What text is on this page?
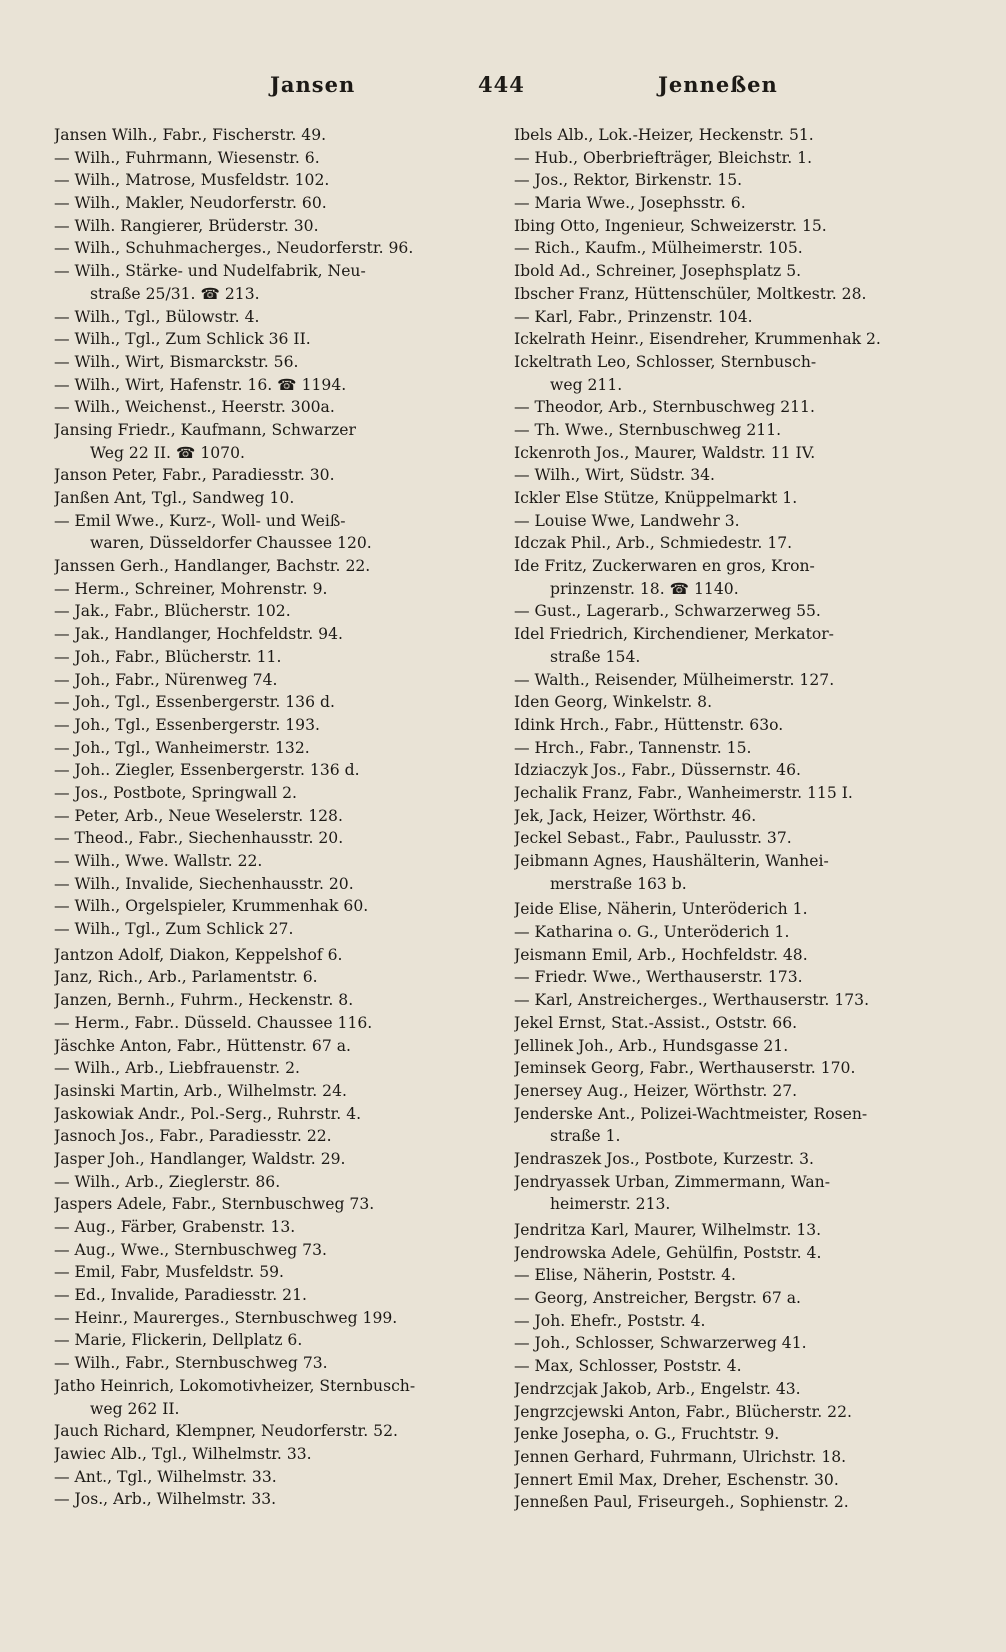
Jansen	444	Jenneßen
Jansen Wilh., Fabr., Fischerstr. 49.
— Wilh., Fuhrmann, Wiesenstr. 6.
— Wilh., Matrose, Musfeldstr. 102.
— Wilh., Makler, Neudorferstr. 60.
— Wilh. Rangierer, Brüderstr. 30.
— Wilh., Schuhmacherges., Neudorferstr. 96.
— Wilh., Stärke- und Nudelfabrik, Neu-
straße 25/31. ☎ 213.
— Wilh., Tgl., Bülowstr. 4.
— Wilh., Tgl., Zum Schlick 36 II.
— Wilh., Wirt, Bismarckstr. 56.
— Wilh., Wirt, Hafenstr. 16. ☎ 1194.
— Wilh., Weichenst., Heerstr. 300a.
Jansing Friedr., Kaufmann, Schwarzer
Weg 22 II. ☎ 1070.
Janson Peter, Fabr., Paradiesstr. 30.
Janßen Ant, Tgl., Sandweg 10.
— Emil Wwe., Kurz-, Woll- und Weiß-
waren, Düsseldorfer Chaussee 120.
Janssen Gerh., Handlanger, Bachstr. 22.
— Herm., Schreiner, Mohrenstr. 9.
— Jak., Fabr., Blücherstr. 102.
— Jak., Handlanger, Hochfeldstr. 94.
— Joh., Fabr., Blücherstr. 11.
— Joh., Fabr., Nürenweg 74.
— Joh., Tgl., Essenbergerstr. 136 d.
— Joh., Tgl., Essenbergerstr. 193.
— Joh., Tgl., Wanheimerstr. 132.
— Joh.. Ziegler, Essenbergerstr. 136 d.
— Jos., Postbote, Springwall 2.
— Peter, Arb., Neue Weselerstr. 128.
— Theod., Fabr., Siechenhausstr. 20.
— Wilh., Wwe. Wallstr. 22.
— Wilh., Invalide, Siechenhausstr. 20.
— Wilh., Orgelspieler, Krummenhak 60.
— Wilh., Tgl., Zum Schlick 27.
Jantzon Adolf, Diakon, Keppelshof 6.
Janz, Rich., Arb., Parlamentstr. 6.
Janzen, Bernh., Fuhrm., Heckenstr. 8.
— Herm., Fabr.. Düsseld. Chaussee 116.
Jäschke Anton, Fabr., Hüttenstr. 67 a.
— Wilh., Arb., Liebfrauenstr. 2.
Jasinski Martin, Arb., Wilhelmstr. 24.
Jaskowiak Andr., Pol.-Serg., Ruhrstr. 4.
Jasnoch Jos., Fabr., Paradiesstr. 22.
Jasper Joh., Handlanger, Waldstr. 29.
— Wilh., Arb., Zieglerstr. 86.
Jaspers Adele, Fabr., Sternbuschweg 73.
— Aug., Färber, Grabenstr. 13.
— Aug., Wwe., Sternbuschweg 73.
— Emil, Fabr, Musfeldstr. 59.
— Ed., Invalide, Paradiesstr. 21.
— Heinr., Maurerges., Sternbuschweg 199.
— Marie, Flickerin, Dellplatz 6.
— Wilh., Fabr., Sternbuschweg 73.
Jatho Heinrich, Lokomotivheizer, Sternbusch-
weg 262 II.
Jauch Richard, Klempner, Neudorferstr. 52.
Jawiec Alb., Tgl., Wilhelmstr. 33.
— Ant., Tgl., Wilhelmstr. 33.
— Jos., Arb., Wilhelmstr. 33.
Ibels Alb., Lok.-Heizer, Heckenstr. 51.
— Hub., Oberbriefträger, Bleichstr. 1.
— Jos., Rektor, Birkenstr. 15.
— Maria Wwe., Josephsstr. 6.
Ibing Otto, Ingenieur, Schweizerstr. 15.
— Rich., Kaufm., Mülheimerstr. 105.
Ibold Ad., Schreiner, Josephsplatz 5.
Ibscher Franz, Hüttenschüler, Moltkestr. 28.
— Karl, Fabr., Prinzenstr. 104.
Ickelrath Heinr., Eisendreher, Krummenhak 2.
Ickeltrath Leo, Schlosser, Sternbusch-
weg 211.
— Theodor, Arb., Sternbuschweg 211.
— Th. Wwe., Sternbuschweg 211.
Ickenroth Jos., Maurer, Waldstr. 11 IV.
— Wilh., Wirt, Südstr. 34.
Ickler Else Stütze, Knüppelmarkt 1.
— Louise Wwe, Landwehr 3.
Idczak Phil., Arb., Schmiedestr. 17.
Ide Fritz, Zuckerwaren en gros, Kron-
prinzenstr. 18. ☎ 1140.
— Gust., Lagerarb., Schwarzerweg 55.
Idel Friedrich, Kirchendiener, Merkator-
straße 154.
— Walth., Reisender, Mülheimerstr. 127.
Iden Georg, Winkelstr. 8.
Idink Hrch., Fabr., Hüttenstr. 63o.
— Hrch., Fabr., Tannenstr. 15.
Idziaczyk Jos., Fabr., Düssernstr. 46.
Jechalik Franz, Fabr., Wanheimerstr. 115 I.
Jek, Jack, Heizer, Wörthstr. 46.
Jeckel Sebast., Fabr., Paulusstr. 37.
Jeibmann Agnes, Haushälterin, Wanhei-
merstraße 163 b.
Jeide Elise, Näherin, Unteröderich 1.
— Katharina o. G., Unteröderich 1.
Jeismann Emil, Arb., Hochfeldstr. 48.
— Friedr. Wwe., Werthauserstr. 173.
— Karl, Anstreicherges., Werthauserstr. 173.
Jekel Ernst, Stat.-Assist., Oststr. 66.
Jellinek Joh., Arb., Hundsgasse 21.
Jeminsek Georg, Fabr., Werthauserstr. 170.
Jenersey Aug., Heizer, Wörthstr. 27.
Jenderske Ant., Polizei-Wachtmeister, Rosen-
straße 1.
Jendraszek Jos., Postbote, Kurzestr. 3.
Jendryassek Urban, Zimmermann, Wan-
heimerstr. 213.
Jendritza Karl, Maurer, Wilhelmstr. 13.
Jendrowska Adele, Gehülfin, Poststr. 4.
— Elise, Näherin, Poststr. 4.
— Georg, Anstreicher, Bergstr. 67 a.
— Joh. Ehefr., Poststr. 4.
— Joh., Schlosser, Schwarzerweg 41.
— Max, Schlosser, Poststr. 4.
Jendrzcjak Jakob, Arb., Engelstr. 43.
Jengrzcjewski Anton, Fabr., Blücherstr. 22.
Jenke Josepha, o. G., Fruchtstr. 9.
Jennen Gerhard, Fuhrmann, Ulrichstr. 18.
Jennert Emil Max, Dreher, Eschenstr. 30.
Jenneßen Paul, Friseurgeh., Sophienstr. 2.
